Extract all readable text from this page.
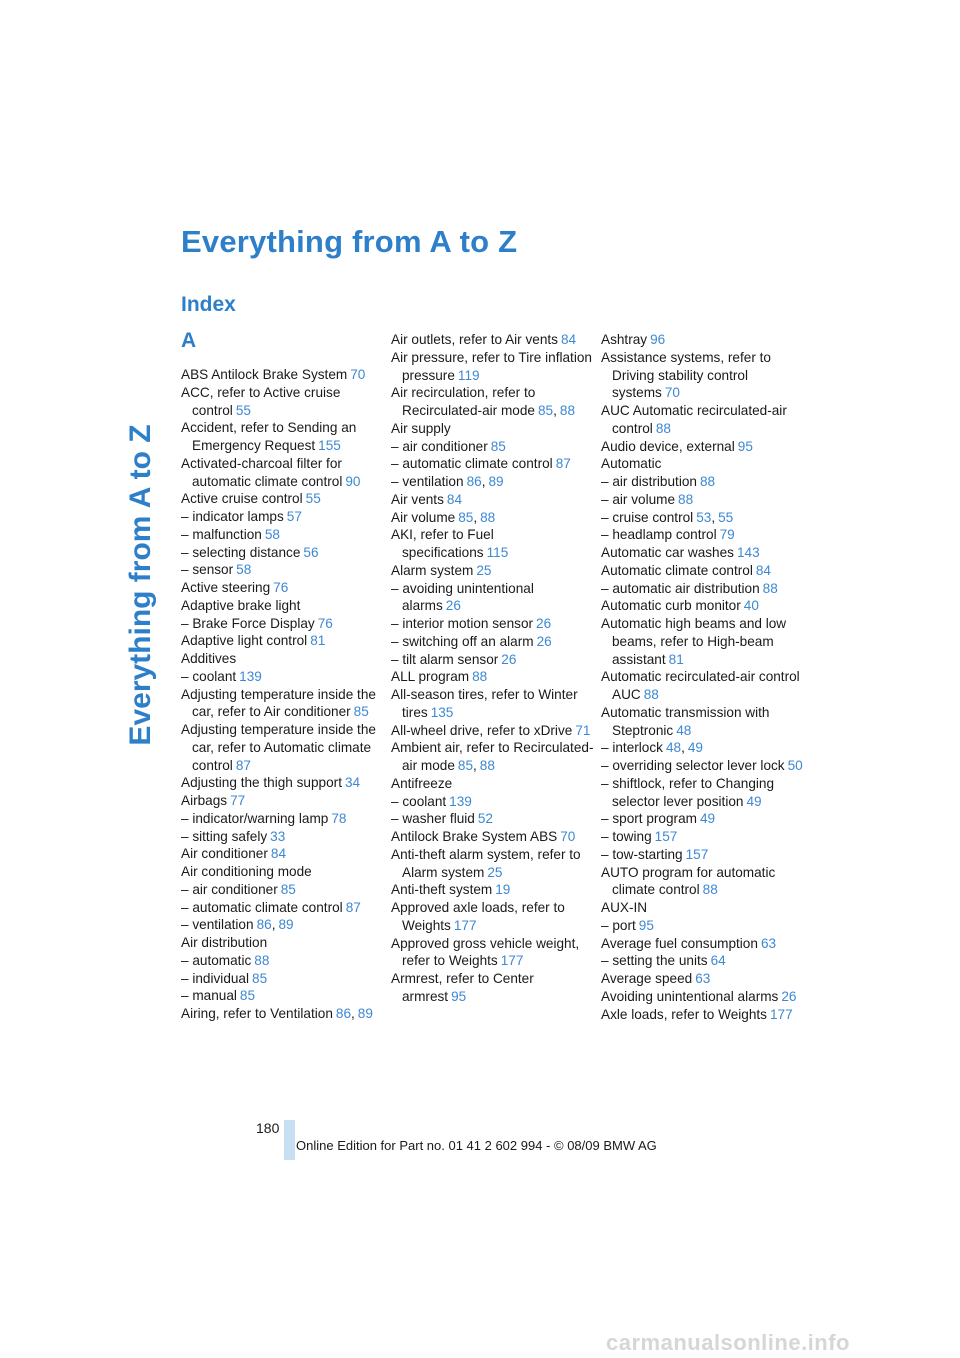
Everything from A to Z
Everything from A to Z
Index
A
ABS Antilock Brake System 70
ACC, refer to Active cruise control 55
Accident, refer to Sending an Emergency Request 155
Activated-charcoal filter for automatic climate control 90
Active cruise control 55
– indicator lamps 57
– malfunction 58
– selecting distance 56
– sensor 58
Active steering 76
Adaptive brake light
– Brake Force Display 76
Adaptive light control 81
Additives
– coolant 139
Adjusting temperature inside the car, refer to Air conditioner 85
Adjusting temperature inside the car, refer to Automatic climate control 87
Adjusting the thigh support 34
Airbags 77
– indicator/warning lamp 78
– sitting safely 33
Air conditioner 84
Air conditioning mode
– air conditioner 85
– automatic climate control 87
– ventilation 86, 89
Air distribution
– automatic 88
– individual 85
– manual 85
Airing, refer to Ventilation 86, 89
Air outlets, refer to Air vents 84
Air pressure, refer to Tire inflation pressure 119
Air recirculation, refer to Recirculated-air mode 85, 88
Air supply
– air conditioner 85
– automatic climate control 87
– ventilation 86, 89
Air vents 84
Air volume 85, 88
AKI, refer to Fuel specifications 115
Alarm system 25
– avoiding unintentional alarms 26
– interior motion sensor 26
– switching off an alarm 26
– tilt alarm sensor 26
ALL program 88
All-season tires, refer to Winter tires 135
All-wheel drive, refer to xDrive 71
Ambient air, refer to Recirculated-air mode 85, 88
Antifreeze
– coolant 139
– washer fluid 52
Antilock Brake System ABS 70
Anti-theft alarm system, refer to Alarm system 25
Anti-theft system 19
Approved axle loads, refer to Weights 177
Approved gross vehicle weight, refer to Weights 177
Armrest, refer to Center armrest 95
Ashtray 96
Assistance systems, refer to Driving stability control systems 70
AUC Automatic recirculated-air control 88
Audio device, external 95
Automatic
– air distribution 88
– air volume 88
– cruise control 53, 55
– headlamp control 79
Automatic car washes 143
Automatic climate control 84
– automatic air distribution 88
Automatic curb monitor 40
Automatic high beams and low beams, refer to High-beam assistant 81
Automatic recirculated-air control AUC 88
Automatic transmission with Steptronic 48
– interlock 48, 49
– overriding selector lever lock 50
– shiftlock, refer to Changing selector lever position 49
– sport program 49
– towing 157
– tow-starting 157
AUTO program for automatic climate control 88
AUX-IN
– port 95
Average fuel consumption 63
– setting the units 64
Average speed 63
Avoiding unintentional alarms 26
Axle loads, refer to Weights 177
180
Online Edition for Part no. 01 41 2 602 994 - © 08/09 BMW AG
carmanualsonline.info
